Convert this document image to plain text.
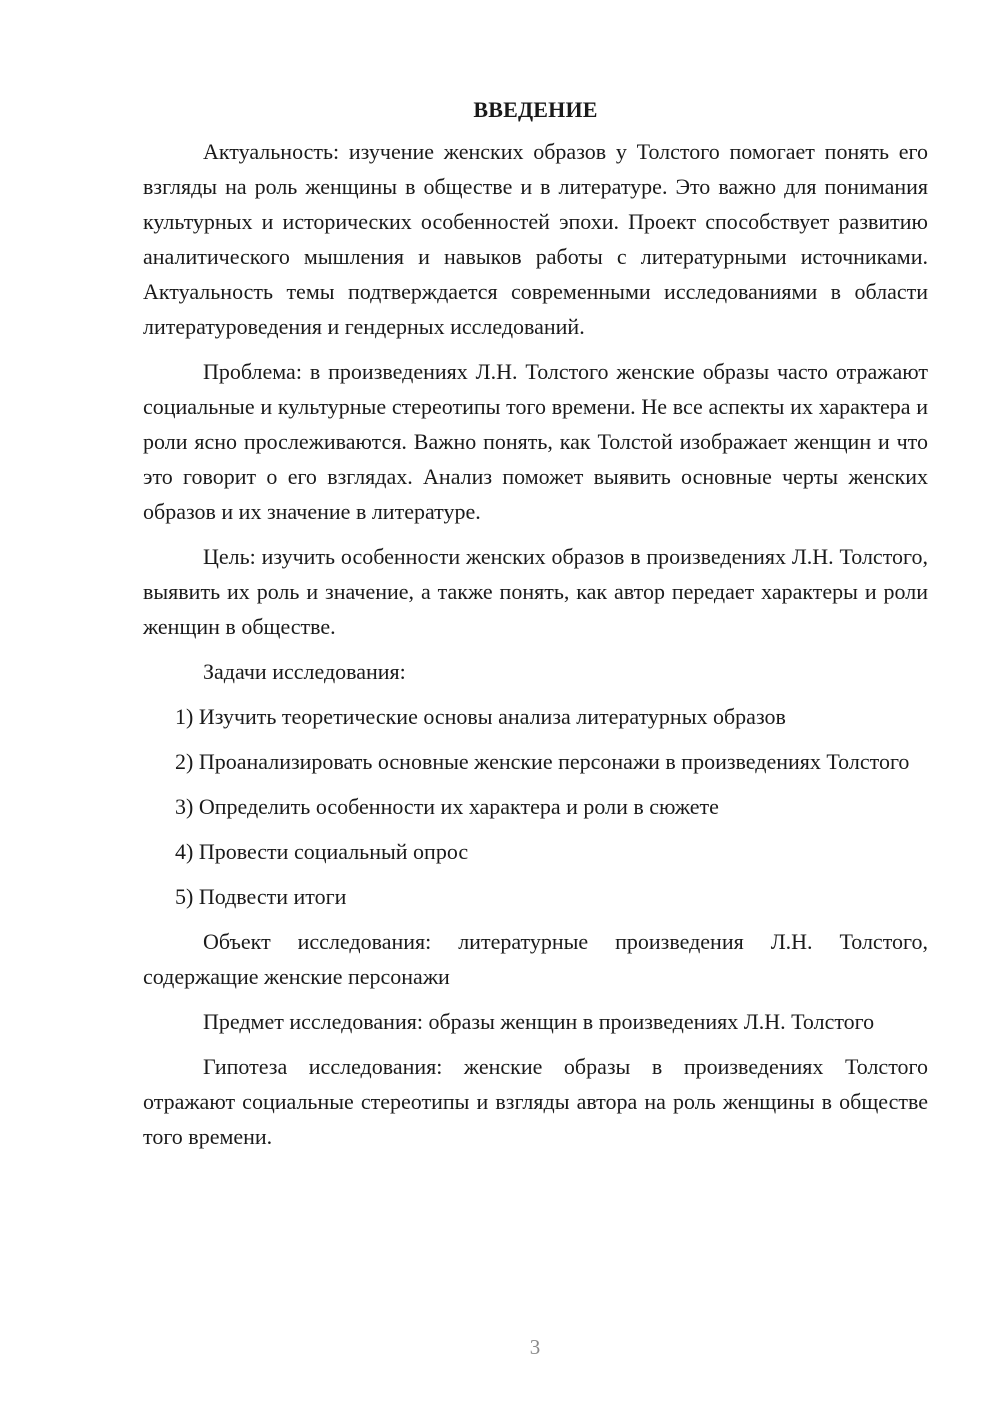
ВВЕДЕНИЕ

Актуальность: изучение женских образов у Толстого помогает понять его взгляды на роль женщины в обществе и в литературе. Это важно для понимания культурных и исторических особенностей эпохи. Проект способствует развитию аналитического мышления и навыков работы с литературными источниками. Актуальность темы подтверждается современными исследованиями в области литературоведения и гендерных исследований.

Проблема: в произведениях Л.Н. Толстого женские образы часто отражают социальные и культурные стереотипы того времени. Не все аспекты их характера и роли ясно прослеживаются. Важно понять, как Толстой изображает женщин и что это говорит о его взглядах. Анализ поможет выявить основные черты женских образов и их значение в литературе.

Цель: изучить особенности женских образов в произведениях Л.Н. Толстого, выявить их роль и значение, а также понять, как автор передает характеры и роли женщин в обществе.

Задачи исследования:

1) Изучить теоретические основы анализа литературных образов

2) Проанализировать основные женские персонажи в произведениях Толстого

3) Определить особенности их характера и роли в сюжете

4) Провести социальный опрос

5) Подвести итоги

Объект исследования: литературные произведения Л.Н. Толстого, содержащие женские персонажи

Предмет исследования: образы женщин в произведениях Л.Н. Толстого

Гипотеза исследования: женские образы в произведениях Толстого отражают социальные стереотипы и взгляды автора на роль женщины в обществе того времени.

3
